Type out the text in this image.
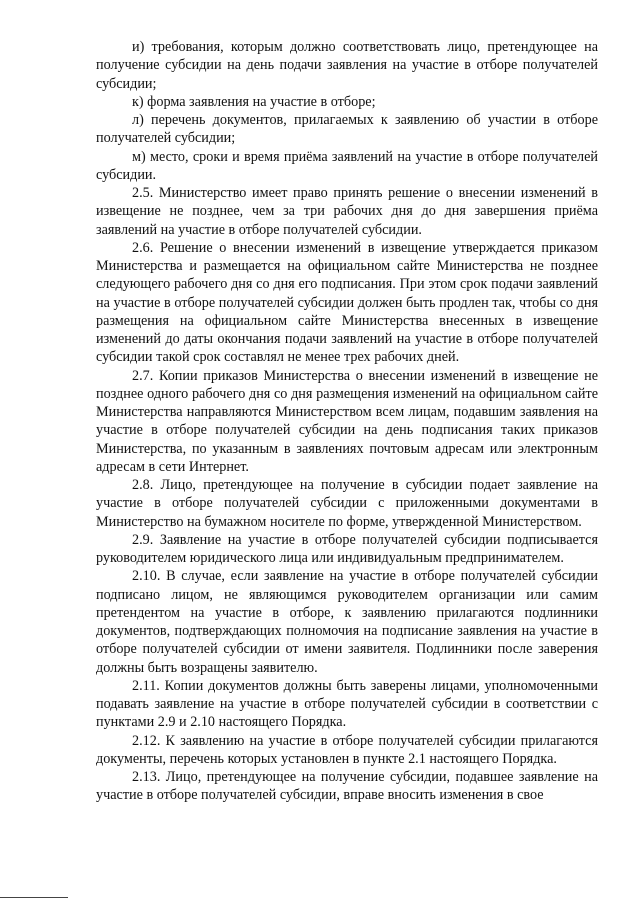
и) требования, которым должно соответствовать лицо, претендующее на получение субсидии на день подачи заявления на участие в отборе получателей субсидии;

к) форма заявления на участие в отборе;

л) перечень документов, прилагаемых к заявлению об участии в отборе получателей субсидии;

м) место, сроки и время приёма заявлений на участие в отборе получателей субсидии.

2.5. Министерство имеет право принять решение о внесении изменений в извещение не позднее, чем за три рабочих дня до дня завершения приёма заявлений на участие в отборе получателей субсидии.

2.6. Решение о внесении изменений в извещение утверждается приказом Министерства и размещается на официальном сайте Министерства не позднее следующего рабочего дня со дня его подписания. При этом срок подачи заявлений на участие в отборе получателей субсидии должен быть продлен так, чтобы со дня размещения на официальном сайте Министерства внесенных в извещение изменений до даты окончания подачи заявлений на участие в отборе получателей субсидии такой срок составлял не менее трех рабочих дней.

2.7. Копии приказов Министерства о внесении изменений в извещение не позднее одного рабочего дня со дня размещения изменений на официальном сайте Министерства направляются Министерством всем лицам, подавшим заявления на участие в отборе получателей субсидии на день подписания таких приказов Министерства, по указанным в заявлениях почтовым адресам или электронным адресам в сети Интернет.

2.8. Лицо, претендующее на получение в субсидии подает заявление на участие в отборе получателей субсидии с приложенными документами в Министерство на бумажном носителе по форме, утвержденной Министерством.

2.9. Заявление на участие в отборе получателей субсидии подписывается руководителем юридического лица или индивидуальным предпринимателем.

2.10. В случае, если заявление на участие в отборе получателей субсидии подписано лицом, не являющимся руководителем организации или самим претендентом на участие в отборе, к заявлению прилагаются подлинники документов, подтверждающих полномочия на подписание заявления на участие в отборе получателей субсидии от имени заявителя. Подлинники после заверения должны быть возращены заявителю.

2.11. Копии документов должны быть заверены лицами, уполномоченными подавать заявление на участие в отборе получателей субсидии в соответствии с пунктами 2.9 и 2.10 настоящего Порядка.

2.12. К заявлению на участие в отборе получателей субсидии прилагаются документы, перечень которых установлен в пункте 2.1 настоящего Порядка.

2.13. Лицо, претендующее на получение субсидии, подавшее заявление на участие в отборе получателей субсидии, вправе вносить изменения в свое
